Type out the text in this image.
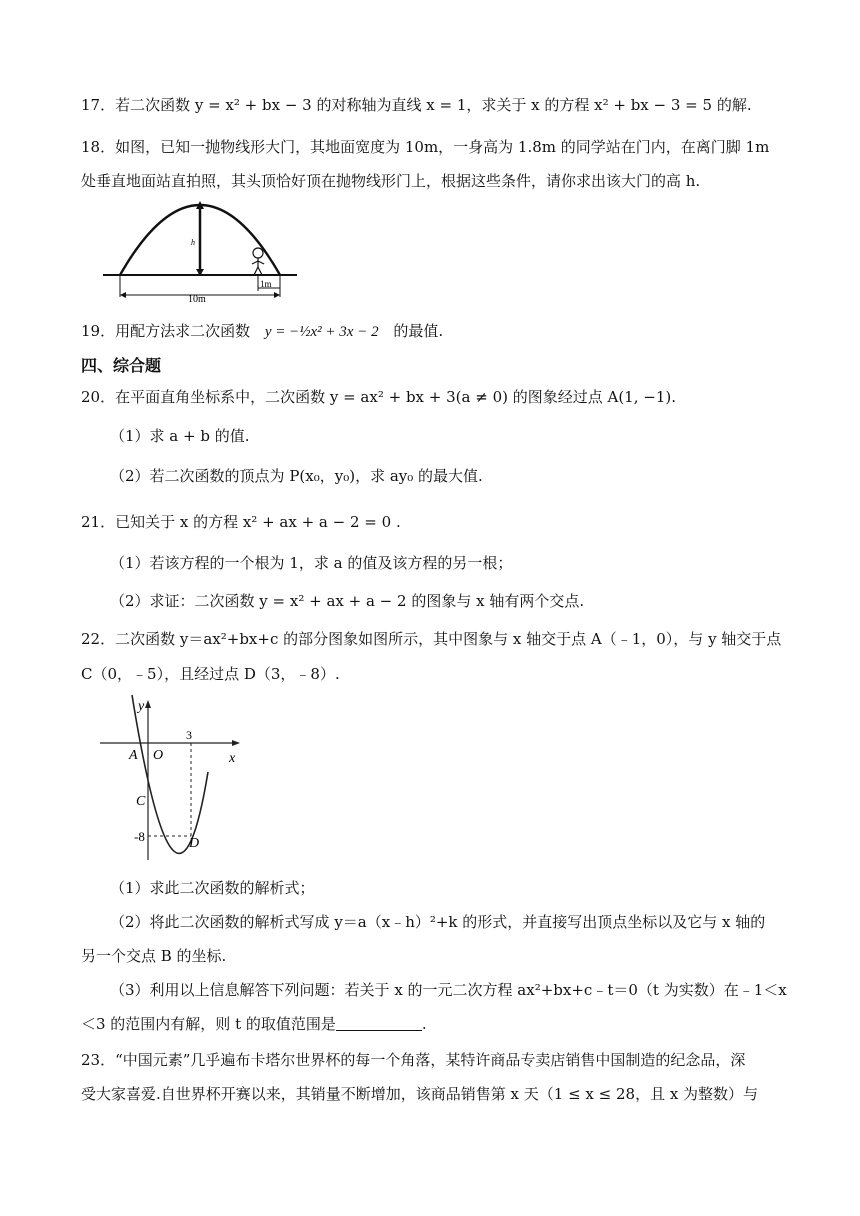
17．若二次函数 y = x² + bx − 3 的对称轴为直线 x = 1，求关于 x 的方程 x² + bx − 3 = 5 的解.
18．如图，已知一抛物线形大门，其地面宽度为 10m，一身高为 1.8m 的同学站在门内，在离门脚 1m
处垂直地面站直拍照，其头顶恰好顶在抛物线形门上，根据这些条件，请你求出该大门的高 h.
h
10m
1m
19．用配方法求二次函数 y = −½x² + 3x − 2 的最值.
四、综合题
20．在平面直角坐标系中，二次函数 y = ax² + bx + 3(a ≠ 0) 的图象经过点 A(1, −1).
（1）求 a + b 的值.
（2）若二次函数的顶点为 P(x₀，y₀)，求 ay₀ 的最大值.
21．已知关于 x 的方程 x² + ax + a − 2 = 0 .
（1）若该方程的一个根为 1，求 a 的值及该方程的另一根；
（2）求证：二次函数 y = x² + ax + a − 2 的图象与 x 轴有两个交点.
22．二次函数 y＝ax²+bx+c 的部分图象如图所示，其中图象与 x 轴交于点 A（﹣1，0），与 y 轴交于点
C（0，﹣5），且经过点 D（3，﹣8）.
y
x
A O
3
C
-8	D
（1）求此二次函数的解析式；
（2）将此二次函数的解析式写成 y＝a（x﹣h）²+k 的形式，并直接写出顶点坐标以及它与 x 轴的
另一个交点 B 的坐标.
（3）利用以上信息解答下列问题：若关于 x 的一元二次方程 ax²+bx+c﹣t＝0（t 为实数）在﹣1＜x
＜3 的范围内有解，则 t 的取值范围是	.
23．“中国元素”几乎遍布卡塔尔世界杯的每一个角落，某特许商品专卖店销售中国制造的纪念品，深
受大家喜爱.自世界杯开赛以来，其销量不断增加，该商品销售第 x 天（1 ≤ x ≤ 28，且 x 为整数）与
